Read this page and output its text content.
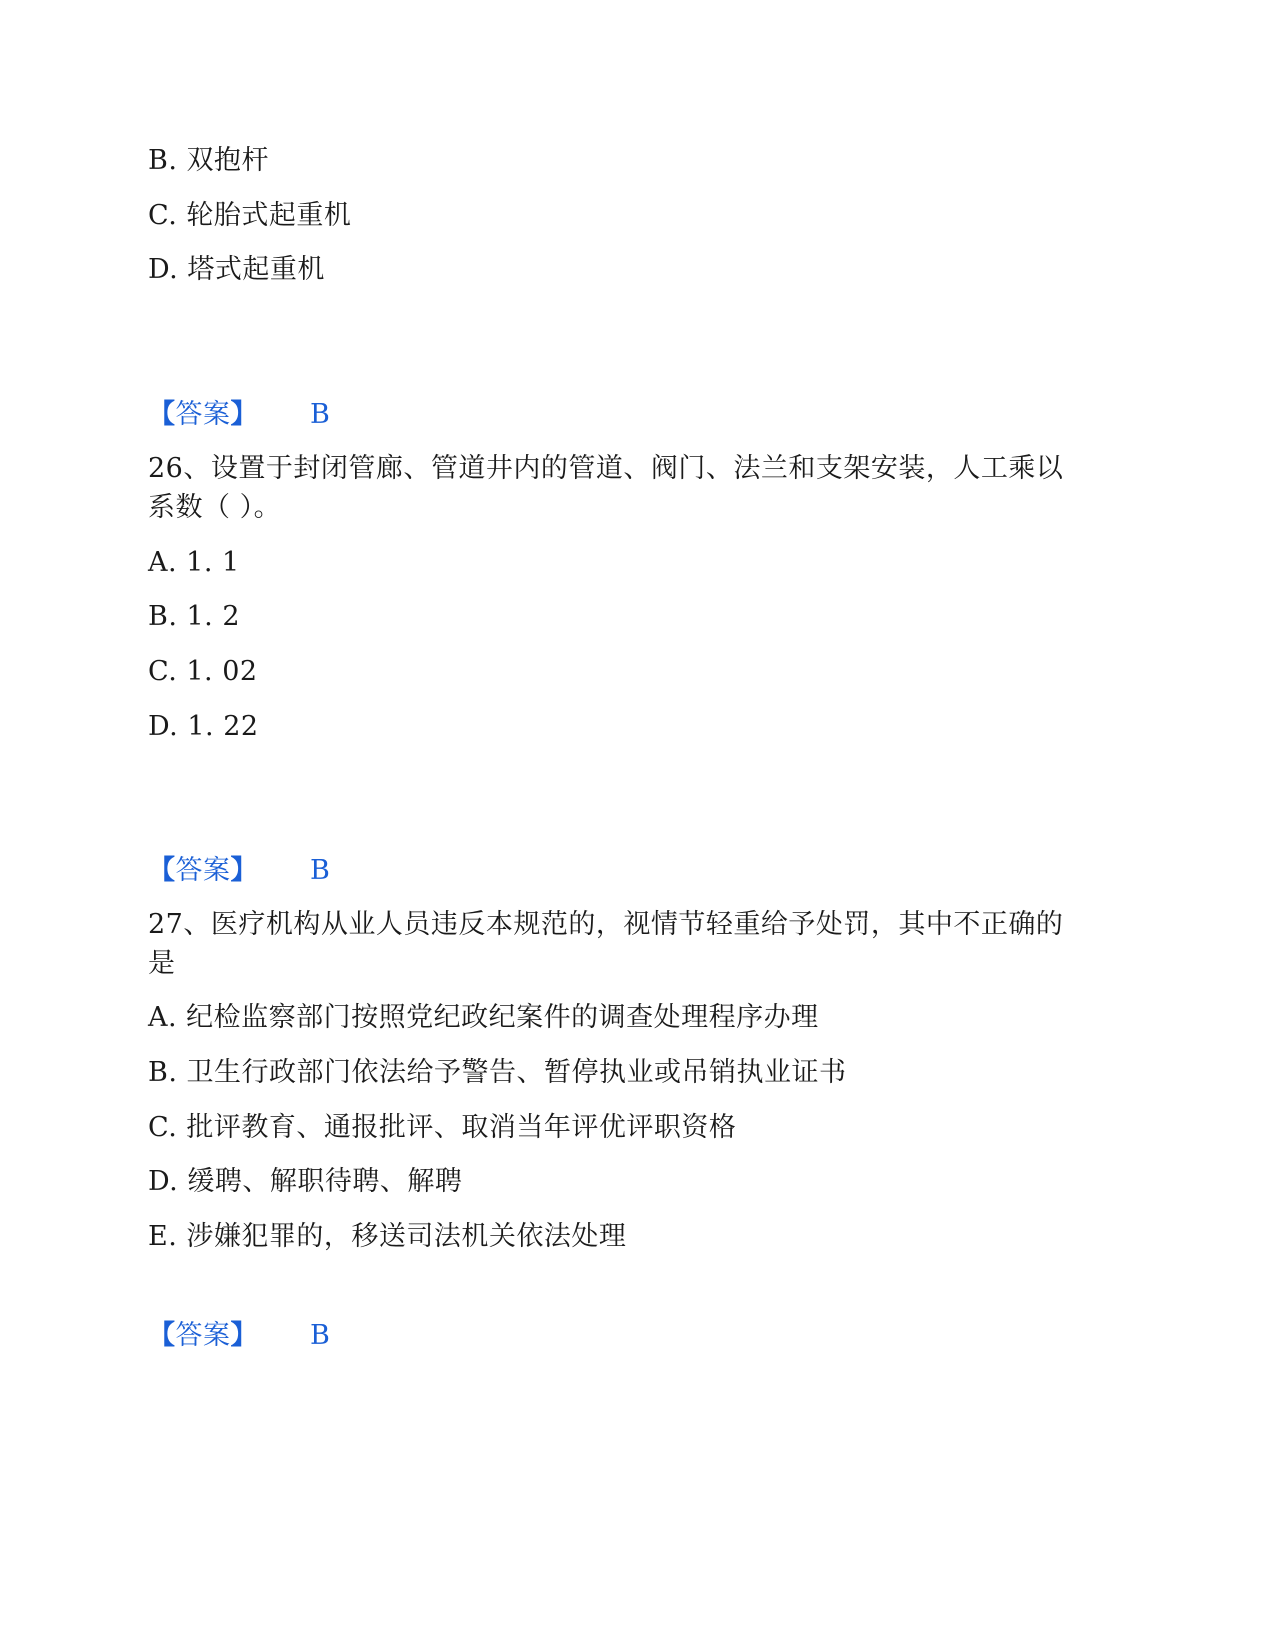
B. 双抱杆
C. 轮胎式起重机
D. 塔式起重机
【答案】 B
26、设置于封闭管廊、管道井内的管道、阀门、法兰和支架安装，人工乘以
系数（ ）。
A. 1. 1
B. 1. 2
C. 1. 02
D. 1. 22
【答案】 B
27、医疗机构从业人员违反本规范的，视情节轻重给予处罚，其中不正确的
是
A. 纪检监察部门按照党纪政纪案件的调查处理程序办理
B. 卫生行政部门依法给予警告、暂停执业或吊销执业证书
C. 批评教育、通报批评、取消当年评优评职资格
D. 缓聘、解职待聘、解聘
E. 涉嫌犯罪的，移送司法机关依法处理
【答案】 B
